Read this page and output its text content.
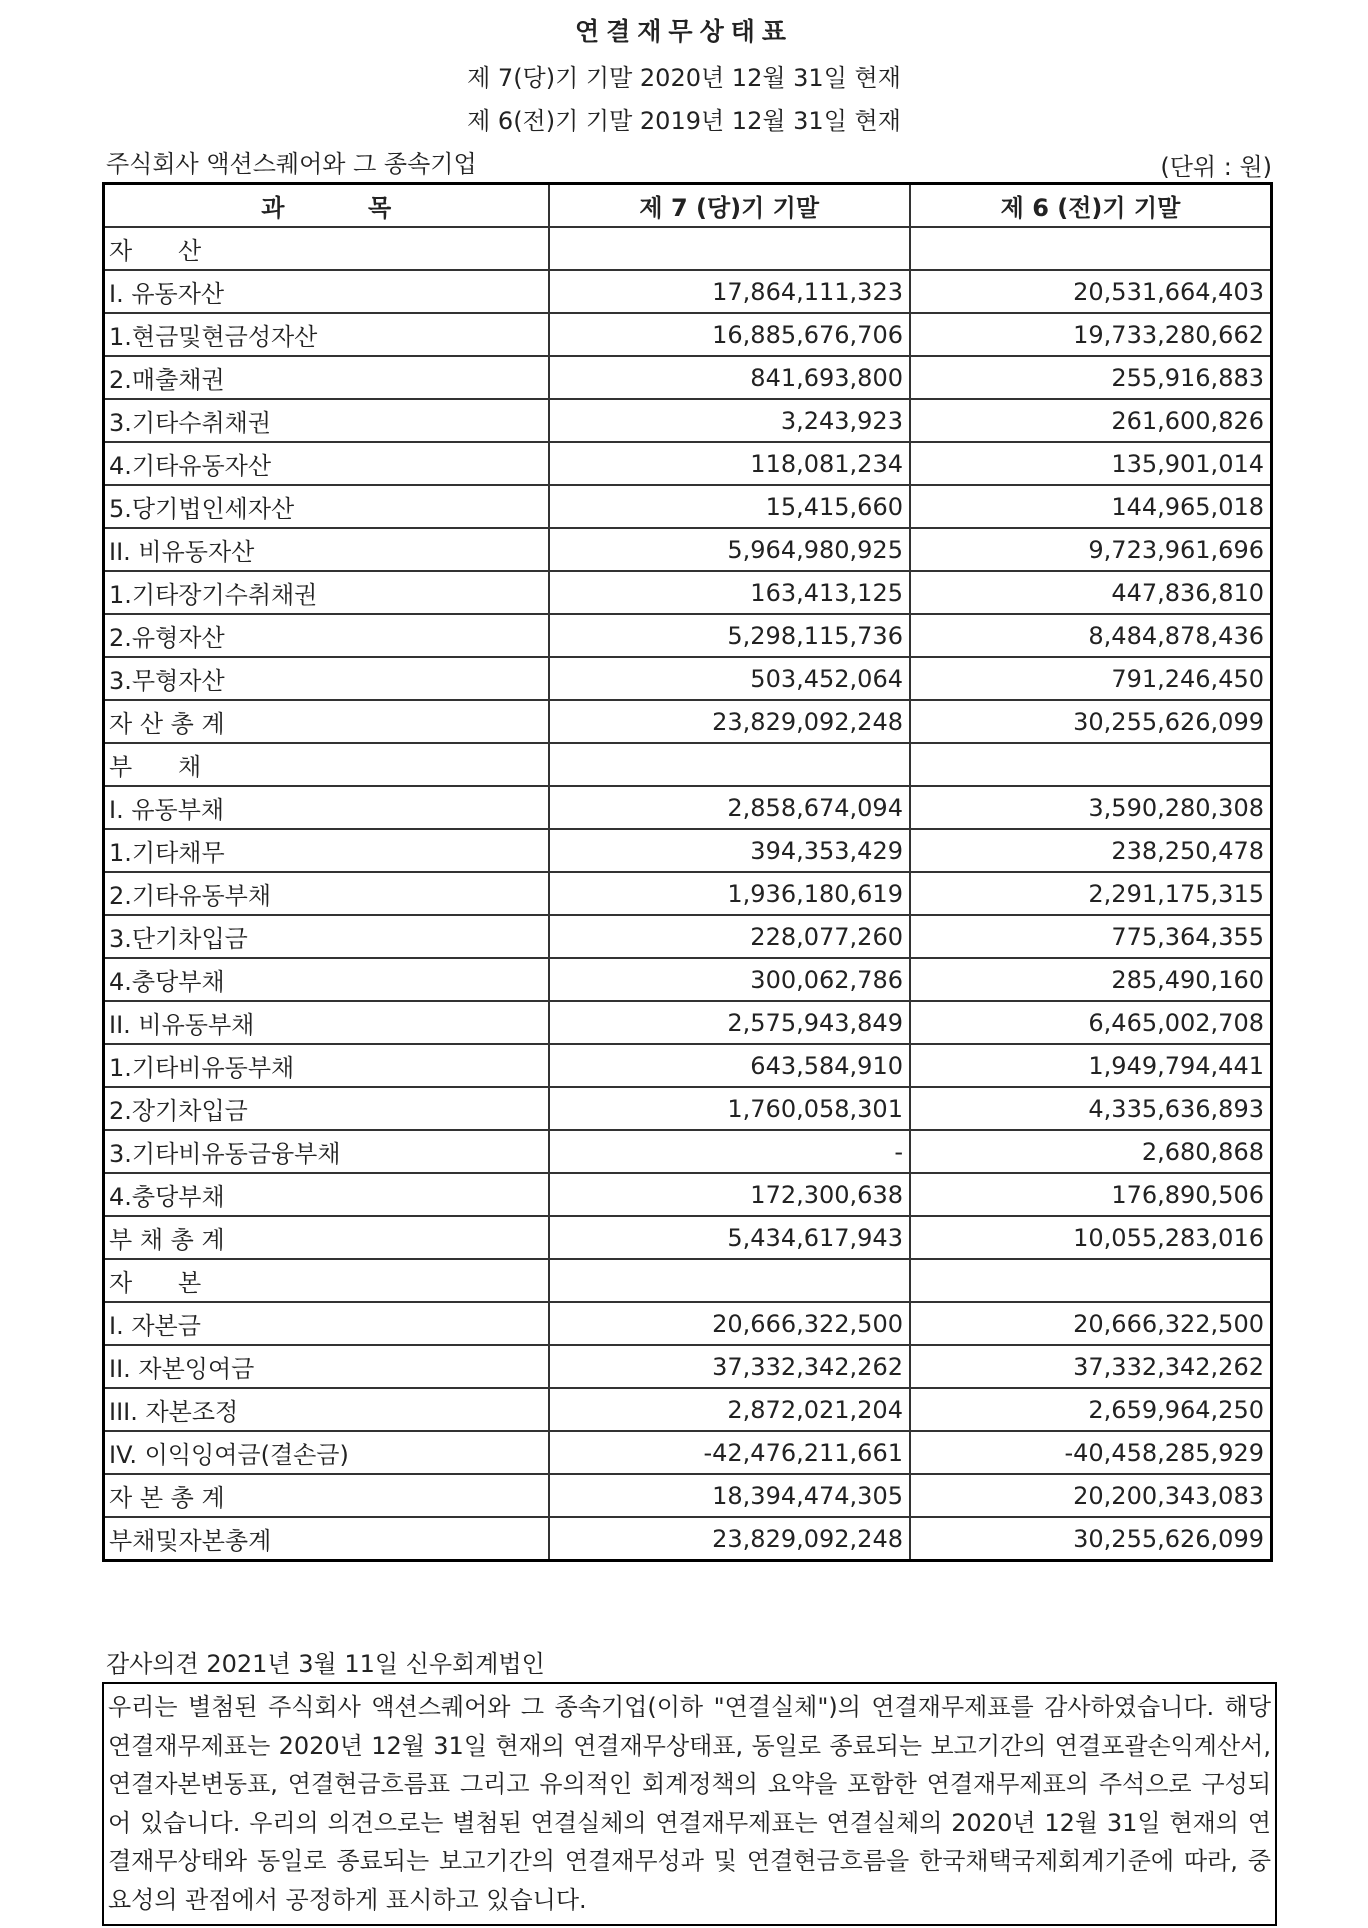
연결재무상태표
제 7(당)기 기말 2020년 12월 31일 현재
제 6(전)기 기말 2019년 12월 31일 현재
주식회사 액션스퀘어와 그 종속기업	(단위 : 원)
과          목	제 7 (당)기 기말	제 6 (전)기 기말
자      산		
I. 유동자산	17,864,111,323	20,531,664,403
1.현금및현금성자산	16,885,676,706	19,733,280,662
2.매출채권	841,693,800	255,916,883
3.기타수취채권	3,243,923	261,600,826
4.기타유동자산	118,081,234	135,901,014
5.당기법인세자산	15,415,660	144,965,018
II. 비유동자산	5,964,980,925	9,723,961,696
1.기타장기수취채권	163,413,125	447,836,810
2.유형자산	5,298,115,736	8,484,878,436
3.무형자산	503,452,064	791,246,450
자 산 총 계	23,829,092,248	30,255,626,099
부      채		
I. 유동부채	2,858,674,094	3,590,280,308
1.기타채무	394,353,429	238,250,478
2.기타유동부채	1,936,180,619	2,291,175,315
3.단기차입금	228,077,260	775,364,355
4.충당부채	300,062,786	285,490,160
II. 비유동부채	2,575,943,849	6,465,002,708
1.기타비유동부채	643,584,910	1,949,794,441
2.장기차입금	1,760,058,301	4,335,636,893
3.기타비유동금융부채	-	2,680,868
4.충당부채	172,300,638	176,890,506
부 채 총 계	5,434,617,943	10,055,283,016
자      본		
I. 자본금	20,666,322,500	20,666,322,500
II. 자본잉여금	37,332,342,262	37,332,342,262
III. 자본조정	2,872,021,204	2,659,964,250
IV. 이익잉여금(결손금)	-42,476,211,661	-40,458,285,929
자 본 총 계	18,394,474,305	20,200,343,083
부채및자본총계	23,829,092,248	30,255,626,099
감사의견 2021년 3월 11일 신우회계법인
우리는 별첨된 주식회사 액션스퀘어와 그 종속기업(이하 "연결실체")의 연결재무제표를 감사하였습니다. 해당 연결재무제표는 2020년 12월 31일 현재의 연결재무상태표, 동일로 종료되는 보고기간의 연결포괄손익계산서, 연결자본변동표, 연결현금흐름표 그리고 유의적인 회계정책의 요약을 포함한 연결재무제표의 주석으로 구성되어 있습니다. 우리의 의견으로는 별첨된 연결실체의 연결재무제표는 연결실체의 2020년 12월 31일 현재의 연결재무상태와 동일로 종료되는 보고기간의 연결재무성과 및 연결현금흐름을 한국채택국제회계기준에 따라, 중요성의 관점에서 공정하게 표시하고 있습니다.
